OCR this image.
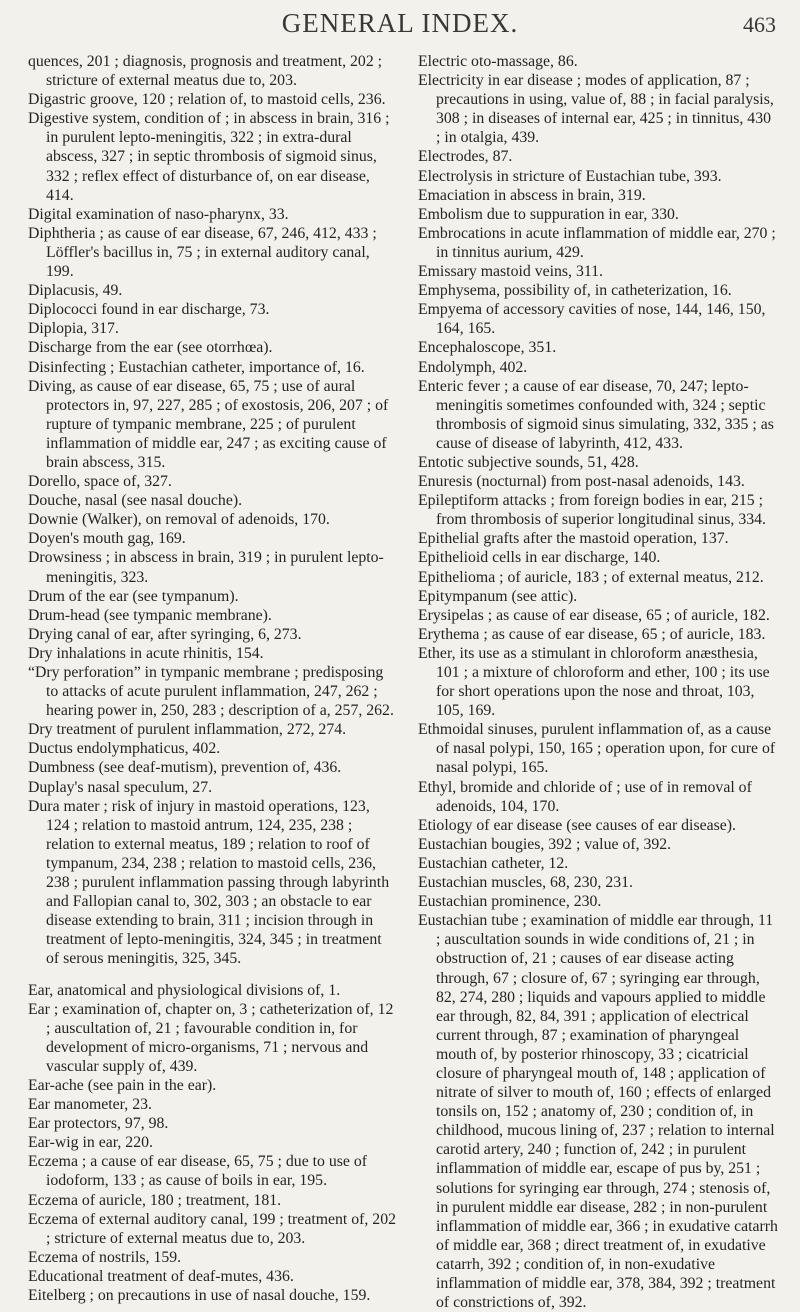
GENERAL INDEX.	463

quences, 201 ; diagnosis, prognosis and treatment, 202 ; stricture of external meatus due to, 203.

Digastric groove, 120 ; relation of, to mastoid cells, 236.

Digestive system, condition of ; in abscess in brain, 316 ; in purulent lepto-meningitis, 322 ; in extra-dural abscess, 327 ; in septic thrombosis of sigmoid sinus, 332 ; reflex effect of disturbance of, on ear disease, 414.

Digital examination of naso-pharynx, 33.

Diphtheria ; as cause of ear disease, 67, 246, 412, 433 ; Löffler's bacillus in, 75 ; in external auditory canal, 199.

Diplacusis, 49.

Diplococci found in ear discharge, 73.

Diplopia, 317.

Discharge from the ear (see otorrhœa).

Disinfecting ; Eustachian catheter, importance of, 16.

Diving, as cause of ear disease, 65, 75 ; use of aural protectors in, 97, 227, 285 ; of exostosis, 206, 207 ; of rupture of tympanic membrane, 225 ; of purulent inflammation of middle ear, 247 ; as exciting cause of brain abscess, 315.

Dorello, space of, 327.

Douche, nasal (see nasal douche).

Downie (Walker), on removal of adenoids, 170.

Doyen's mouth gag, 169.

Drowsiness ; in abscess in brain, 319 ; in purulent lepto-meningitis, 323.

Drum of the ear (see tympanum).

Drum-head (see tympanic membrane).

Drying canal of ear, after syringing, 6, 273.

Dry inhalations in acute rhinitis, 154.

“Dry perforation” in tympanic membrane ; predisposing to attacks of acute purulent inflammation, 247, 262 ; hearing power in, 250, 283 ; description of a, 257, 262.

Dry treatment of purulent inflammation, 272, 274.

Ductus endolymphaticus, 402.

Dumbness (see deaf-mutism), prevention of, 436.

Duplay's nasal speculum, 27.

Dura mater ; risk of injury in mastoid operations, 123, 124 ; relation to mastoid antrum, 124, 235, 238 ; relation to external meatus, 189 ; relation to roof of tympanum, 234, 238 ; relation to mastoid cells, 236, 238 ; purulent inflammation passing through labyrinth and Fallopian canal to, 302, 303 ; an obstacle to ear disease extending to brain, 311 ; incision through in treatment of lepto-meningitis, 324, 345 ; in treatment of serous meningitis, 325, 345.

Ear, anatomical and physiological divisions of, 1.

Ear ; examination of, chapter on, 3 ; catheterization of, 12 ; auscultation of, 21 ; favourable condition in, for development of micro-organisms, 71 ; nervous and vascular supply of, 439.

Ear-ache (see pain in the ear).

Ear manometer, 23.

Ear protectors, 97, 98.

Ear-wig in ear, 220.

Eczema ; a cause of ear disease, 65, 75 ; due to use of iodoform, 133 ; as cause of boils in ear, 195.

Eczema of auricle, 180 ; treatment, 181.

Eczema of external auditory canal, 199 ; treatment of, 202 ; stricture of external meatus due to, 203.

Eczema of nostrils, 159.

Educational treatment of deaf-mutes, 436.

Eitelberg ; on precautions in use of nasal douche, 159.

Electric oto-massage, 86.

Electricity in ear disease ; modes of application, 87 ; precautions in using, value of, 88 ; in facial paralysis, 308 ; in diseases of internal ear, 425 ; in tinnitus, 430 ; in otalgia, 439.

Electrodes, 87.

Electrolysis in stricture of Eustachian tube, 393.

Emaciation in abscess in brain, 319.

Embolism due to suppuration in ear, 330.

Embrocations in acute inflammation of middle ear, 270 ; in tinnitus aurium, 429.

Emissary mastoid veins, 311.

Emphysema, possibility of, in catheterization, 16.

Empyema of accessory cavities of nose, 144, 146, 150, 164, 165.

Encephaloscope, 351.

Endolymph, 402.

Enteric fever ; a cause of ear disease, 70, 247; lepto-meningitis sometimes confounded with, 324 ; septic thrombosis of sigmoid sinus simulating, 332, 335 ; as cause of disease of labyrinth, 412, 433.

Entotic subjective sounds, 51, 428.

Enuresis (nocturnal) from post-nasal adenoids, 143.

Epileptiform attacks ; from foreign bodies in ear, 215 ; from thrombosis of superior longitudinal sinus, 334.

Epithelial grafts after the mastoid operation, 137.

Epithelioid cells in ear discharge, 140.

Epithelioma ; of auricle, 183 ; of external meatus, 212.

Epitympanum (see attic).

Erysipelas ; as cause of ear disease, 65 ; of auricle, 182.

Erythema ; as cause of ear disease, 65 ; of auricle, 183.

Ether, its use as a stimulant in chloroform anæsthesia, 101 ; a mixture of chloroform and ether, 100 ; its use for short operations upon the nose and throat, 103, 105, 169.

Ethmoidal sinuses, purulent inflammation of, as a cause of nasal polypi, 150, 165 ; operation upon, for cure of nasal polypi, 165.

Ethyl, bromide and chloride of ; use of in removal of adenoids, 104, 170.

Etiology of ear disease (see causes of ear disease).

Eustachian bougies, 392 ; value of, 392.

Eustachian catheter, 12.

Eustachian muscles, 68, 230, 231.

Eustachian prominence, 230.

Eustachian tube ; examination of middle ear through, 11 ; auscultation sounds in wide conditions of, 21 ; in obstruction of, 21 ; causes of ear disease acting through, 67 ; closure of, 67 ; syringing ear through, 82, 274, 280 ; liquids and vapours applied to middle ear through, 82, 84, 391 ; application of electrical current through, 87 ; examination of pharyngeal mouth of, by posterior rhinoscopy, 33 ; cicatricial closure of pharyngeal mouth of, 148 ; application of nitrate of silver to mouth of, 160 ; effects of enlarged tonsils on, 152 ; anatomy of, 230 ; condition of, in childhood, mucous lining of, 237 ; relation to internal carotid artery, 240 ; function of, 242 ; in purulent inflammation of middle ear, escape of pus by, 251 ; solutions for syringing ear through, 274 ; stenosis of, in purulent middle ear disease, 282 ; in non-purulent inflammation of middle ear, 366 ; in exudative catarrh of middle ear, 368 ; direct treatment of, in exudative catarrh, 392 ; condition of, in non-exudative inflammation of middle ear, 378, 384, 392 ; treatment of constrictions of, 392.
